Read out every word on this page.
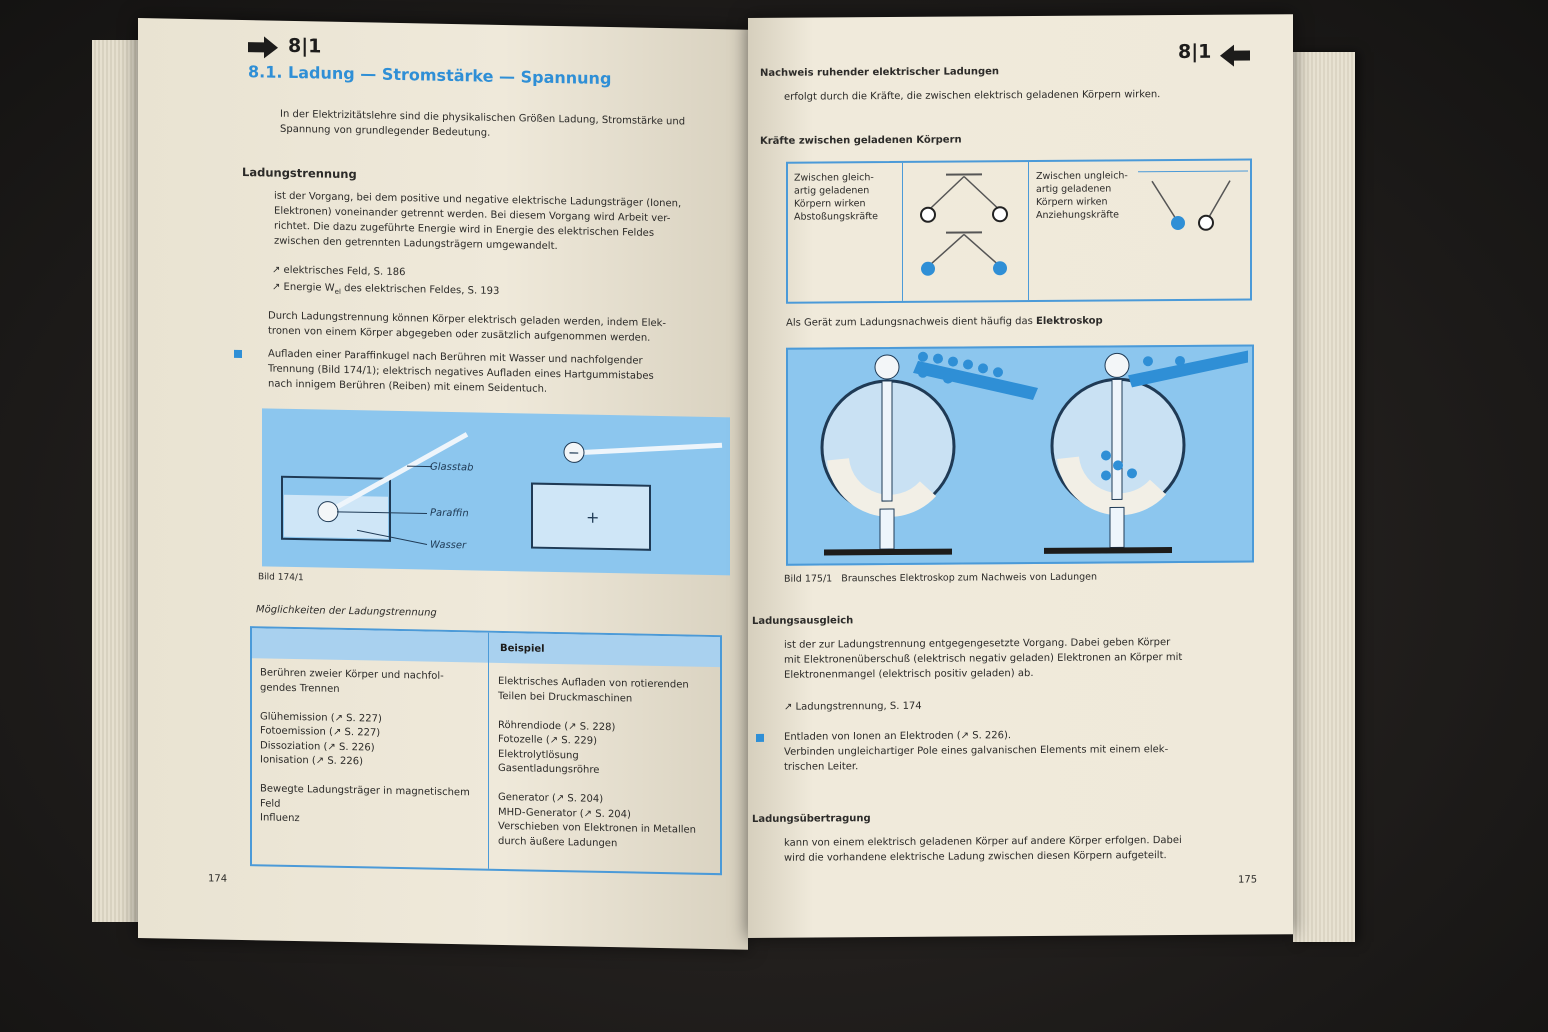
8|1
8.1. Ladung — Stromstärke — Spannung
In der Elektrizitätslehre sind die physikalischen Größen Ladung, Stromstärke und
Spannung von grundlegender Bedeutung.
Ladungstrennung
ist der Vorgang, bei dem positive und negative elektrische Ladungsträger (Ionen,
Elektronen) voneinander getrennt werden. Bei diesem Vorgang wird Arbeit ver-
richtet. Die dazu zugeführte Energie wird in Energie des elektrischen Feldes
zwischen den getrennten Ladungsträgern umgewandelt.
↗ elektrisches Feld, S. 186
↗ Energie $W_{el}$ des elektrischen Feldes, S. 193
Durch Ladungstrennung können Körper elektrisch geladen werden, indem Elek-
tronen von einem Körper abgegeben oder zusätzlich aufgenommen werden.
Aufladen einer Paraffinkugel nach Berühren mit Wasser und nachfolgender
Trennung (Bild 174/1); elektrisch negatives Aufladen eines Hartgummistabes
nach innigem Berühren (Reiben) mit einem Seidentuch.
Glasstab
Paraffin
Wasser
+
−
Bild 174/1
Möglichkeiten der Ladungstrennung
Beispiel
Berühren zweier Körper und nachfol-
gendes Trennen

Glühemission (↗ S. 227)
Fotoemission (↗ S. 227)
Dissoziation (↗ S. 226)
Ionisation (↗ S. 226)

Bewegte Ladungsträger in magnetischem
Feld
Influenz
Elektrisches Aufladen von rotierenden
Teilen bei Druckmaschinen

Röhrendiode (↗ S. 228)
Fotozelle (↗ S. 229)
Elektrolytlösung
Gasentladungsröhre

Generator (↗ S. 204)
MHD-Generator (↗ S. 204)
Verschieben von Elektronen in Metallen
durch äußere Ladungen
174
8|1
Nachweis ruhender elektrischer Ladungen
erfolgt durch die Kräfte, die zwischen elektrisch geladenen Körpern wirken.
Kräfte zwischen geladenen Körpern
Zwischen gleich-
artig geladenen
Körpern wirken
Abstoßungskräfte
Zwischen ungleich-
artig geladenen
Körpern wirken
Anziehungskräfte
Als Gerät zum Ladungsnachweis dient häufig das Elektroskop
Bild 175/1 Braunsches Elektroskop zum Nachweis von Ladungen
Ladungsausgleich
ist der zur Ladungstrennung entgegengesetzte Vorgang. Dabei geben Körper
mit Elektronenüberschuß (elektrisch negativ geladen) Elektronen an Körper mit
Elektronenmangel (elektrisch positiv geladen) ab.
↗ Ladungstrennung, S. 174
Entladen von Ionen an Elektroden (↗ S. 226).
Verbinden ungleichartiger Pole eines galvanischen Elements mit einem elek-
trischen Leiter.
Ladungsübertragung
kann von einem elektrisch geladenen Körper auf andere Körper erfolgen. Dabei
wird die vorhandene elektrische Ladung zwischen diesen Körpern aufgeteilt.
175
